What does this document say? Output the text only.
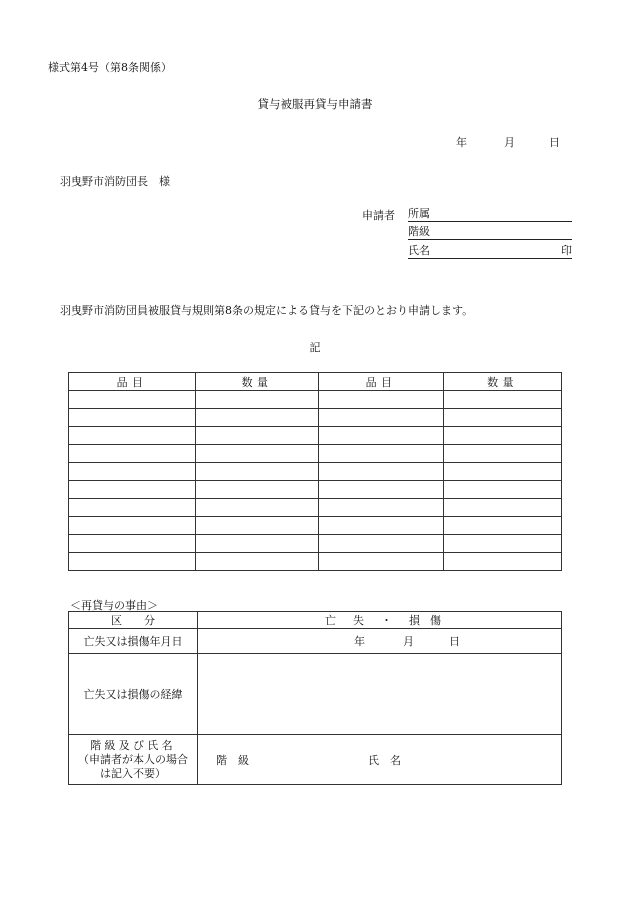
様式第4号（第8条関係）
貸与被服再貸与申請書
年	月	日
羽曳野市消防団長　様
申請者 所属
階級
氏名	印
羽曳野市消防団員被服貸与規則第8条の規定による貸与を下記のとおり申請します。
記
品目	数量	品目	数量

＜再貸与の事由＞
区　　分	亡 失 ・ 損 傷
亡失又は損傷年月日	年 月 日
亡失又は損傷の経緯	

階級及び氏名
（申請者が本人の場合
は記入不要）	階　級 氏　名
